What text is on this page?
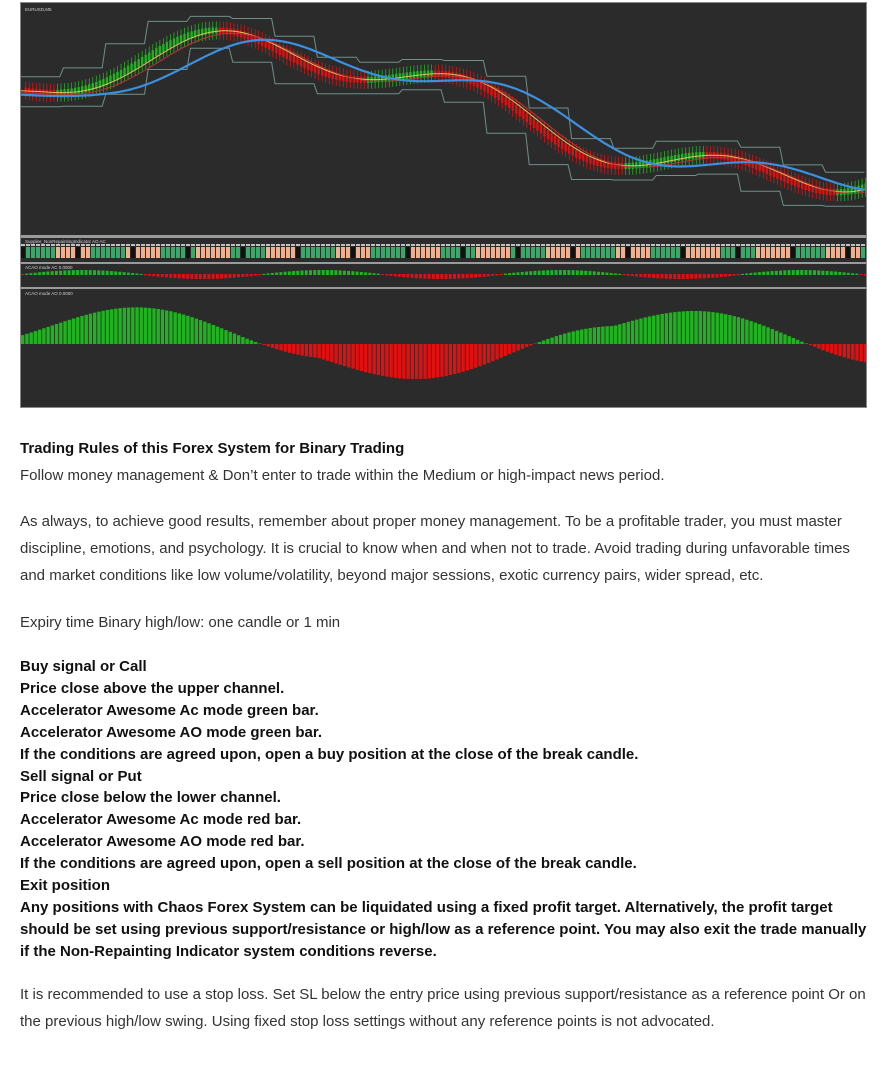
EURUSD,M5
Supplier_NonRepaintingIndicator AO AC
ACAO mode AC 0.0000
ACAO mode AO 0.0000
Trading Rules of this Forex System for Binary Trading

Follow money management & Don’t enter to trade within the Medium or high-impact news period.

As always, to achieve good results, remember about proper money management. To be a profitable trader, you must master discipline, emotions, and psychology. It is crucial to know when and when not to trade. Avoid trading during unfavorable times and market conditions like low volume/volatility, beyond major sessions, exotic currency pairs, wider spread, etc.

Expiry time Binary high/low: one candle or 1 min

Buy signal or Call
Price close above the upper channel.
Accelerator Awesome Ac mode green bar.
Accelerator Awesome AO mode green bar.
If the conditions are agreed upon, open a buy position at the close of the break candle.
Sell signal or Put
Price close below the lower channel.
Accelerator Awesome Ac mode red bar.
Accelerator Awesome AO mode red bar.
If the conditions are agreed upon, open a sell position at the close of the break candle.
Exit position
Any positions with Chaos Forex System can be liquidated using a fixed profit target. Alternatively, the profit target should be set using previous support/resistance or high/low as a reference point. You may also exit the trade manually if the Non-Repainting Indicator system conditions reverse.

It is recommended to use a stop loss. Set SL below the entry price using previous support/resistance as a reference point Or on the previous high/low swing. Using fixed stop loss settings without any reference points is not advocated.
